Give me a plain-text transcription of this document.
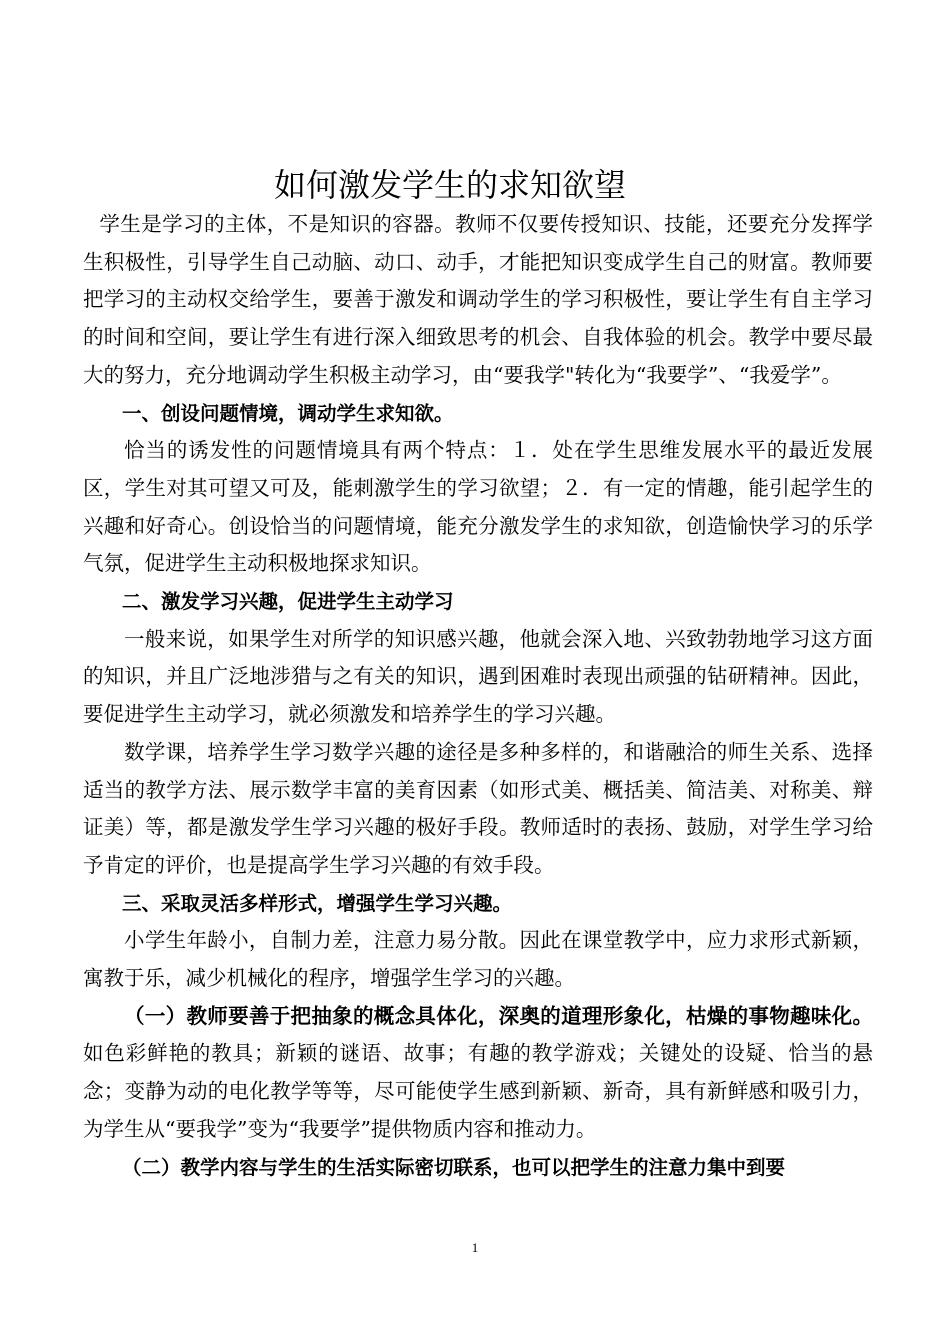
如何激发学生的求知欲望

学生是学习的主体，不是知识的容器。教师不仅要传授知识、技能，还要充分发挥学生积极性，引导学生自己动脑、动口、动手，才能把知识变成学生自己的财富。教师要把学习的主动权交给学生，要善于激发和调动学生的学习积极性，要让学生有自主学习的时间和空间，要让学生有进行深入细致思考的机会、自我体验的机会。教学中要尽最大的努力，充分地调动学生积极主动学习，由“要我学"转化为“我要学”、“我爱学”。

一、创设问题情境，调动学生求知欲。

恰当的诱发性的问题情境具有两个特点：１．处在学生思维发展水平的最近发展区，学生对其可望又可及，能刺激学生的学习欲望；２．有一定的情趣，能引起学生的兴趣和好奇心。创设恰当的问题情境，能充分激发学生的求知欲，创造愉快学习的乐学气氛，促进学生主动积极地探求知识。

二、激发学习兴趣，促进学生主动学习

一般来说，如果学生对所学的知识感兴趣，他就会深入地、兴致勃勃地学习这方面的知识，并且广泛地涉猎与之有关的知识，遇到困难时表现出顽强的钻研精神。因此，要促进学生主动学习，就必须激发和培养学生的学习兴趣。

数学课，培养学生学习数学兴趣的途径是多种多样的，和谐融洽的师生关系、选择适当的教学方法、展示数学丰富的美育因素（如形式美、概括美、简洁美、对称美、辩证美）等，都是激发学生学习兴趣的极好手段。教师适时的表扬、鼓励，对学生学习给予肯定的评价，也是提高学生学习兴趣的有效手段。

三、采取灵活多样形式，增强学生学习兴趣。

小学生年龄小，自制力差，注意力易分散。因此在课堂教学中，应力求形式新颖，寓教于乐，减少机械化的程序，增强学生学习的兴趣。

（一）教师要善于把抽象的概念具体化，深奥的道理形象化，枯燥的事物趣味化。如色彩鲜艳的教具；新颖的谜语、故事；有趣的教学游戏；关键处的设疑、恰当的悬念；变静为动的电化教学等等，尽可能使学生感到新颖、新奇，具有新鲜感和吸引力，为学生从“要我学”变为“我要学”提供物质内容和推动力。

（二）教学内容与学生的生活实际密切联系，也可以把学生的注意力集中到要

1
